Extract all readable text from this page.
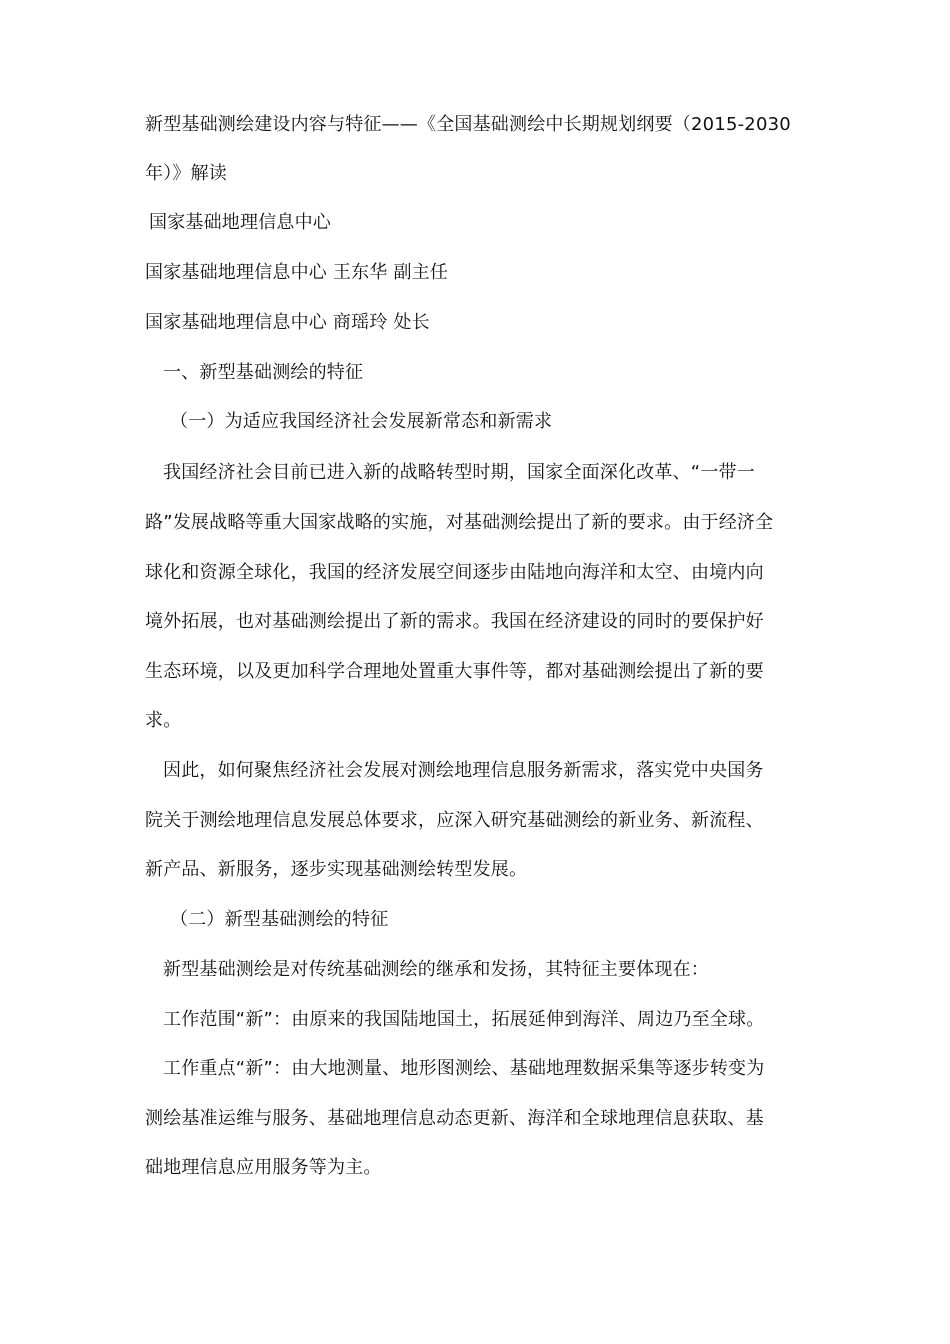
新型基础测绘建设内容与特征——《全国基础测绘中长期规划纲要（2015-2030
年）》解读
国家基础地理信息中心
国家基础地理信息中心 王东华 副主任
国家基础地理信息中心 商瑶玲 处长
一、新型基础测绘的特征
（一）为适应我国经济社会发展新常态和新需求
我国经济社会目前已进入新的战略转型时期，国家全面深化改革、“一带一
路”发展战略等重大国家战略的实施，对基础测绘提出了新的要求。由于经济全
球化和资源全球化，我国的经济发展空间逐步由陆地向海洋和太空、由境内向
境外拓展，也对基础测绘提出了新的需求。我国在经济建设的同时的要保护好
生态环境，以及更加科学合理地处置重大事件等，都对基础测绘提出了新的要
求。
因此，如何聚焦经济社会发展对测绘地理信息服务新需求，落实党中央国务
院关于测绘地理信息发展总体要求，应深入研究基础测绘的新业务、新流程、
新产品、新服务，逐步实现基础测绘转型发展。
（二）新型基础测绘的特征
新型基础测绘是对传统基础测绘的继承和发扬，其特征主要体现在：
工作范围“新”：由原来的我国陆地国土，拓展延伸到海洋、周边乃至全球。
工作重点“新”：由大地测量、地形图测绘、基础地理数据采集等逐步转变为
测绘基准运维与服务、基础地理信息动态更新、海洋和全球地理信息获取、基
础地理信息应用服务等为主。
